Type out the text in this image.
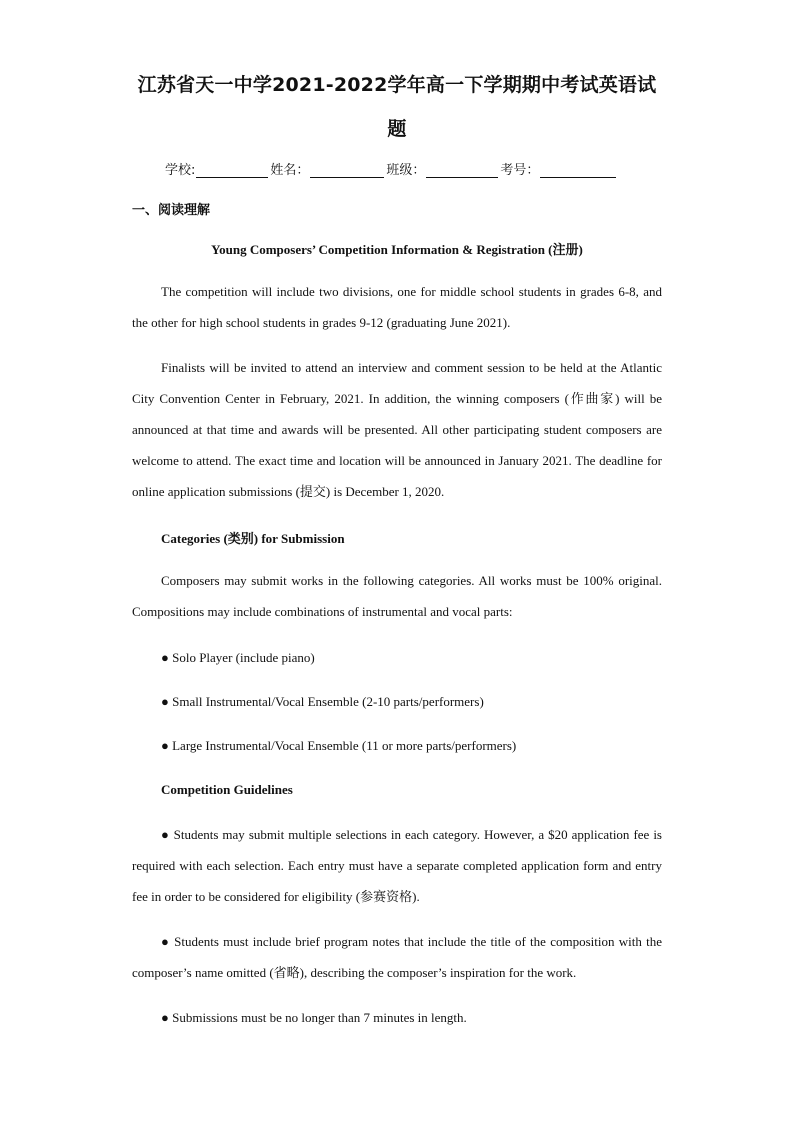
江苏省天一中学2021-2022学年高一下学期期中考试英语试
题
学校:	姓名：	班级：	考号：
一、阅读理解
Young Composers’ Competition Information & Registration (注册)

The competition will include two divisions, one for middle school students in grades 6-8, and the other for high school students in grades 9-12 (graduating June 2021).

Finalists will be invited to attend an interview and comment session to be held at the Atlantic City Convention Center in February, 2021. In addition, the winning composers (作曲家) will be announced at that time and awards will be presented. All other participating student composers are welcome to attend. The exact time and location will be announced in January 2021. The deadline for online application submissions (提交) is December 1, 2020.

Categories (类别) for Submission

Composers may submit works in the following categories. All works must be 100% original. Compositions may include combinations of instrumental and vocal parts:

● Solo Player (include piano)
● Small Instrumental/Vocal Ensemble (2-10 parts/performers)
● Large Instrumental/Vocal Ensemble (11 or more parts/performers)
Competition Guidelines

● Students may submit multiple selections in each category. However, a $20 application fee is required with each selection. Each entry must have a separate completed application form and entry fee in order to be considered for eligibility (参赛资格).

● Students must include brief program notes that include the title of the composition with the composer’s name omitted (省略), describing the composer’s inspiration for the work.

● Submissions must be no longer than 7 minutes in length.
